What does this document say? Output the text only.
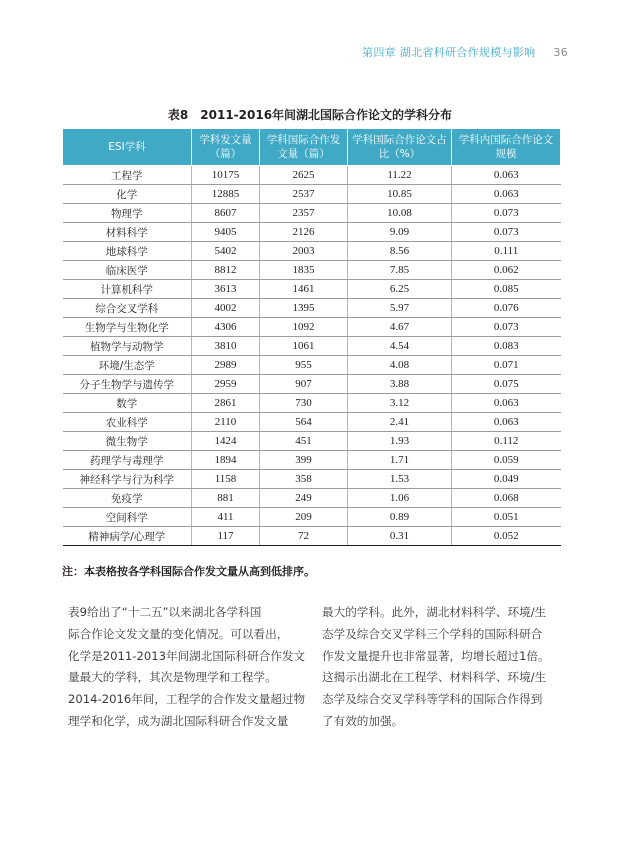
第四章 湖北省科研合作规模与影响 36
表8 2011-2016年间湖北国际合作论文的学科分布
ESI学科	学科发文量（篇）	学科国际合作发文量（篇）	学科国际合作论文占比（%）	学科内国际合作论文规模
工程学	10175	2625	11.22	0.063
化学	12885	2537	10.85	0.063
物理学	8607	2357	10.08	0.073
材料科学	9405	2126	9.09	0.073
地球科学	5402	2003	8.56	0.111
临床医学	8812	1835	7.85	0.062
计算机科学	3613	1461	6.25	0.085
综合交叉学科	4002	1395	5.97	0.076
生物学与生物化学	4306	1092	4.67	0.073
植物学与动物学	3810	1061	4.54	0.083
环境/生态学	2989	955	4.08	0.071
分子生物学与遗传学	2959	907	3.88	0.075
数学	2861	730	3.12	0.063
农业科学	2110	564	2.41	0.063
微生物学	1424	451	1.93	0.112
药理学与毒理学	1894	399	1.71	0.059
神经科学与行为科学	1158	358	1.53	0.049
免疫学	881	249	1.06	0.068
空间科学	411	209	0.89	0.051
精神病学/心理学	117	72	0.31	0.052
注：本表格按各学科国际合作发文量从高到低排序。
表9给出了“十二五”以来湖北各学科国
际合作论文发文量的变化情况。可以看出，
化学是2011-2013年间湖北国际科研合作发文
量最大的学科，其次是物理学和工程学。
2014-2016年间，工程学的合作发文量超过物
理学和化学，成为湖北国际科研合作发文量
最大的学科。此外，湖北材料科学、环境/生
态学及综合交叉学科三个学科的国际科研合
作发文量提升也非常显著，均增长超过1倍。
这揭示出湖北在工程学、材料科学、环境/生
态学及综合交叉学科等学科的国际合作得到
了有效的加强。
